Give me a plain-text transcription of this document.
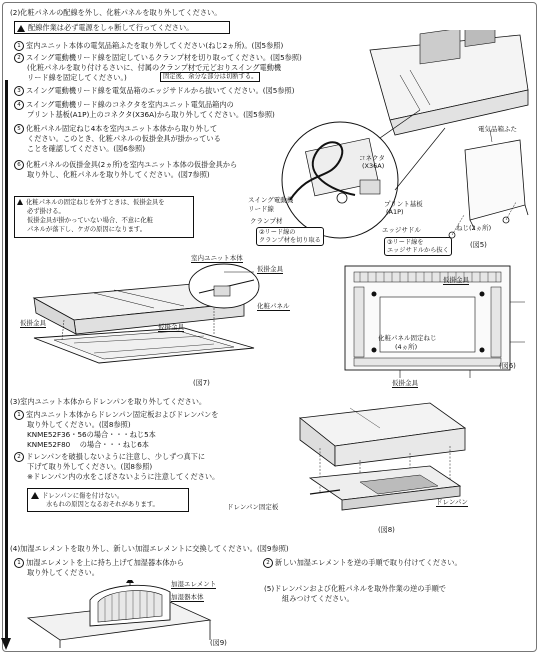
(2)化粧パネルの配線を外し、化粧パネルを取り外してください。
配線作業は必ず電源をしゃ断して行ってください。
1 室内ユニット本体の電気品箱ふたを取り外してください(ねじ2ヵ所)。(図5参照)
2 スイング電動機リード線を固定しているクランプ材を切り取ってください。(図5参照)
(化粧パネルを取り付けるさいに、付属のクランプ材で元どおりスイング電動機
リード線を固定してください。)	固定後、余分な部分は切断する。
3 スイング電動機リード線を電気品箱のエッジサドルから抜いてください。(図5参照)
4 スイング電動機リード線のコネクタを室内ユニット電気品箱内の
プリント基板(A1P)上のコネクタ(X36A)から取り外してください。(図5参照)
5 化粧パネル固定ねじ4本を室内ユニット本体から取り外して
ください。このとき、化粧パネルの仮掛金具が掛かっている
ことを確認してください。(図6参照)
6 化粧パネルの仮掛金具(2ヵ所)を室内ユニット本体の仮掛金具から
取り外し、化粧パネルを取り外してください。(図7参照)
化粧パネルの固定ねじを外すときは、仮掛金具を
必ず掛ける。
仮掛金具が掛かっていない場合、不意に化粧
パネルが落下し、ケガの原因になります。
コネクタ
(X36A)
電気品箱ふた
スイング電動機
リード線
クランプ材
②リード線の
クランプ材を切り取る
プリント基板
(A1P)
エッジサドル
③リード線を
エッジサドルから抜く
ねじ(2ヵ所)
(図5)
室内ユニット本体
仮掛金具
化粧パネル
仮掛金具	仮掛金具
(図7)
仮掛金具
化粧パネル固定ねじ
(4ヵ所)
仮掛金具
(図6)
(3)室内ユニット本体からドレンパンを取り外してください。
1 室内ユニット本体からドレンパン固定板およびドレンパンを
取り外してください。(図8参照)
KNME52F36・56の場合・・・ねじ5本
KNME52F80　 の場合・・・ねじ6本
2 ドレンパンを破損しないように注意し、少しずつ真下に
下げて取り外してください。(図8参照)
※ドレンパン内の水をこぼさないように注意してください。
ドレンパンに傷を付けない。
水もれの原因となるおそれがあります。	ドレンパン固定板
ドレンパン
(図8)
(4)加湿エレメントを取り外し、新しい加湿エレメントに交換してください。(図9参照)
1 加湿エレメントを上に持ち上げて加湿器本体から
取り外してください。
2 新しい加湿エレメントを逆の手順で取り付けてください。
(5)ドレンパンおよび化粧パネルを取外作業の逆の手順で
組みつけてください。
加湿エレメント
加湿器本体
(図9)
